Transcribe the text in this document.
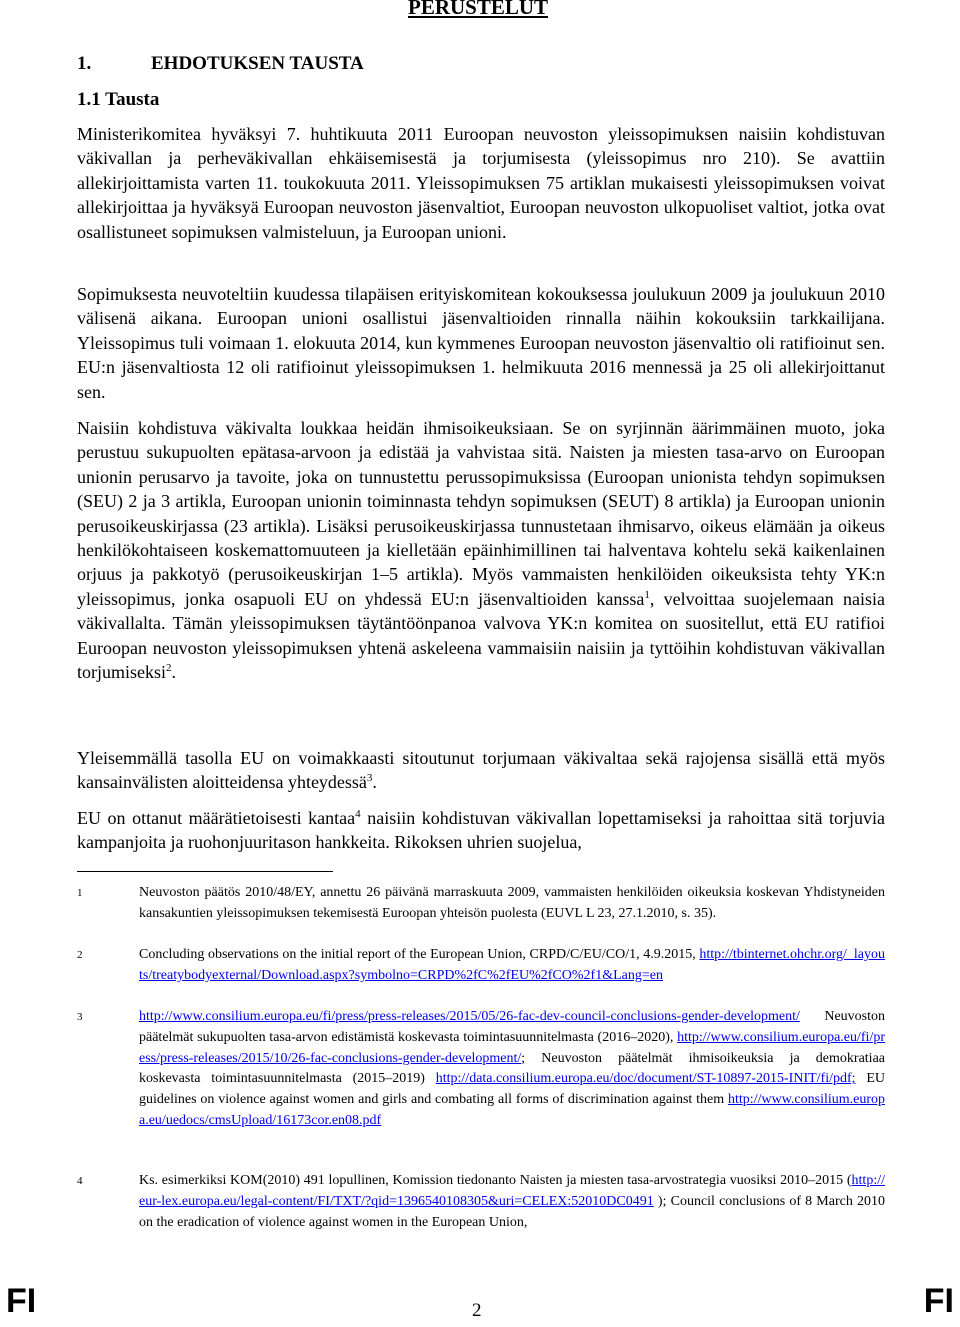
PERUSTELUT
1.	EHDOTUKSEN TAUSTA
1.1 Tausta

Ministerikomitea hyväksyi 7. huhtikuuta 2011 Euroopan neuvoston yleissopimuksen naisiin kohdistuvan väkivallan ja perheväkivallan ehkäisemisestä ja torjumisesta (yleissopimus nro 210). Se avattiin allekirjoittamista varten 11. toukokuuta 2011. Yleissopimuksen 75 artiklan mukaisesti yleissopimuksen voivat allekirjoittaa ja hyväksyä Euroopan neuvoston jäsenvaltiot, Euroopan neuvoston ulkopuoliset valtiot, jotka ovat osallistuneet sopimuksen valmisteluun, ja Euroopan unioni.

Sopimuksesta neuvoteltiin kuudessa tilapäisen erityiskomitean kokouksessa joulukuun 2009 ja joulukuun 2010 välisenä aikana. Euroopan unioni osallistui jäsenvaltioiden rinnalla näihin kokouksiin tarkkailijana. Yleissopimus tuli voimaan 1. elokuuta 2014, kun kymmenes Euroopan neuvoston jäsenvaltio oli ratifioinut sen. EU:n jäsenvaltiosta 12 oli ratifioinut yleissopimuksen 1. helmikuuta 2016 mennessä ja 25 oli allekirjoittanut sen.

Naisiin kohdistuva väkivalta loukkaa heidän ihmisoikeuksiaan. Se on syrjinnän äärimmäinen muoto, joka perustuu sukupuolten epätasa-arvoon ja edistää ja vahvistaa sitä. Naisten ja miesten tasa-arvo on Euroopan unionin perusarvo ja tavoite, joka on tunnustettu perussopimuksissa (Euroopan unionista tehdyn sopimuksen (SEU) 2 ja 3 artikla, Euroopan unionin toiminnasta tehdyn sopimuksen (SEUT) 8 artikla) ja Euroopan unionin perusoikeuskirjassa (23 artikla). Lisäksi perusoikeuskirjassa tunnustetaan ihmisarvo, oikeus elämään ja oikeus henkilökohtaiseen koskemattomuuteen ja kielletään epäinhimillinen tai halventava kohtelu sekä kaikenlainen orjuus ja pakkotyö (perusoikeuskirjan 1–5 artikla). Myös vammaisten henkilöiden oikeuksista tehty YK:n yleissopimus, jonka osapuoli EU on yhdessä EU:n jäsenvaltioiden kanssa$^1$, velvoittaa suojelemaan naisia väkivallalta. Tämän yleissopimuksen täytäntöönpanoa valvova YK:n komitea on suositellut, että EU ratifioi Euroopan neuvoston yleissopimuksen yhtenä askeleena vammaisiin naisiin ja tyttöihin kohdistuvan väkivallan torjumiseksi$^2$.

Yleisemmällä tasolla EU on voimakkaasti sitoutunut torjumaan väkivaltaa sekä rajojensa sisällä että myös kansainvälisten aloitteidensa yhteydessä$^3$.

EU on ottanut määrätietoisesti kantaa$^4$ naisiin kohdistuvan väkivallan lopettamiseksi ja rahoittaa sitä torjuvia kampanjoita ja ruohonjuuritason hankkeita. Rikoksen uhrien suojelua,

1	Neuvoston päätös 2010/48/EY, annettu 26 päivänä marraskuuta 2009, vammaisten henkilöiden oikeuksia koskevan Yhdistyneiden kansakuntien yleissopimuksen tekemisestä Euroopan yhteisön puolesta (EUVL L 23, 27.1.2010, s. 35).
2	Concluding observations on the initial report of the European Union, CRPD/C/EU/CO/1, 4.9.2015, http://tbinternet.ohchr.org/_layouts/treatybodyexternal/Download.aspx?symbolno=CRPD%2fC%2fEU%2fCO%2f1&Lang=en
3	http://www.consilium.europa.eu/fi/press/press-releases/2015/05/26-fac-dev-council-conclusions-gender-development/ Neuvoston päätelmät sukupuolten tasa-arvon edistämistä koskevasta toimintasuunnitelmasta (2016–2020), http://www.consilium.europa.eu/fi/press/press-releases/2015/10/26-fac-conclusions-gender-development/; Neuvoston päätelmät ihmisoikeuksia ja demokratiaa koskevasta toimintasuunnitelmasta (2015–2019) http://data.consilium.europa.eu/doc/document/ST-10897-2015-INIT/fi/pdf; EU guidelines on violence against women and girls and combating all forms of discrimination against them http://www.consilium.europa.eu/uedocs/cmsUpload/16173cor.en08.pdf
4	Ks. esimerkiksi KOM(2010) 491 lopullinen, Komission tiedonanto Naisten ja miesten tasa-arvostrategia vuosiksi 2010–2015 (http://eur-lex.europa.eu/legal-content/FI/TXT/?qid=1396540108305&uri=CELEX:52010DC0491 ); Council conclusions of 8 March 2010 on the eradication of violence against women in the European Union,
FI	2	FI
